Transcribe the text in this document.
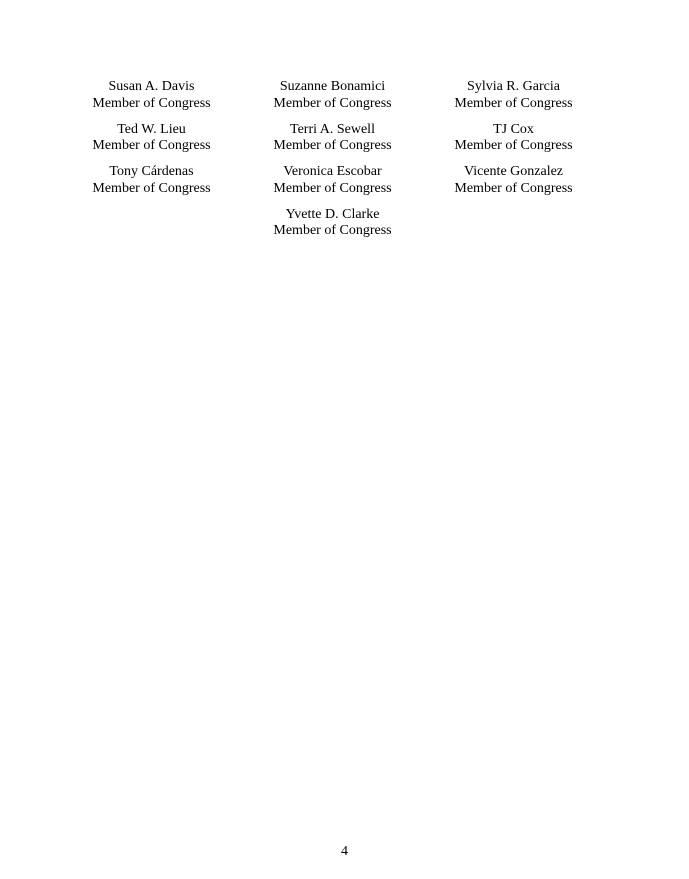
Susan A. Davis
Member of Congress
Suzanne Bonamici
Member of Congress
Sylvia R. Garcia
Member of Congress
Ted W. Lieu
Member of Congress
Terri A. Sewell
Member of Congress
TJ Cox
Member of Congress
Tony Cárdenas
Member of Congress
Veronica Escobar
Member of Congress
Vicente Gonzalez
Member of Congress
Yvette D. Clarke
Member of Congress
4
